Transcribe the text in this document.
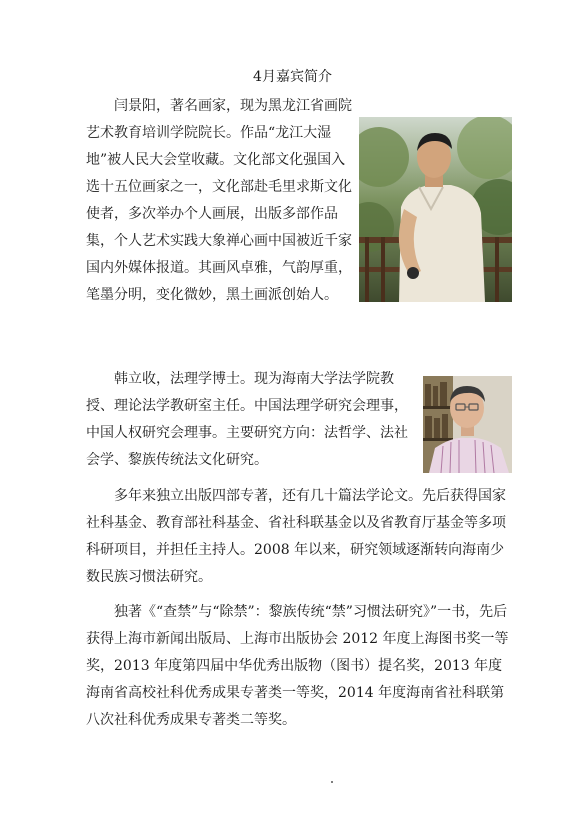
4月嘉宾简介

闫景阳，著名画家，现为黑龙江省画院艺术教育培训学院院长。作品“龙江大湿地”被人民大会堂收藏。文化部文化强国入选十五位画家之一，文化部赴毛里求斯文化使者，多次举办个人画展，出版多部作品集，个人艺术实践大象禅心画中国被近千家国内外媒体报道。其画风卓雅，气韵厚重，笔墨分明，变化微妙，黑土画派创始人。

韩立收，法理学博士。现为海南大学法学院教授、理论法学教研室主任。中国法理学研究会理事，中国人权研究会理事。主要研究方向：法哲学、法社会学、黎族传统法文化研究。

多年来独立出版四部专著，还有几十篇法学论文。先后获得国家社科基金、教育部社科基金、省社科联基金以及省教育厅基金等多项科研项目，并担任主持人。2008 年以来，研究领域逐渐转向海南少数民族习惯法研究。

独著《“查禁”与“除禁”：黎族传统“禁”习惯法研究》”一书，先后获得上海市新闻出版局、上海市出版协会 2012 年度上海图书奖一等奖，2013 年度第四届中华优秀出版物（图书）提名奖，2013 年度海南省高校社科优秀成果专著类一等奖，2014 年度海南省社科联第八次社科优秀成果专著类二等奖。
